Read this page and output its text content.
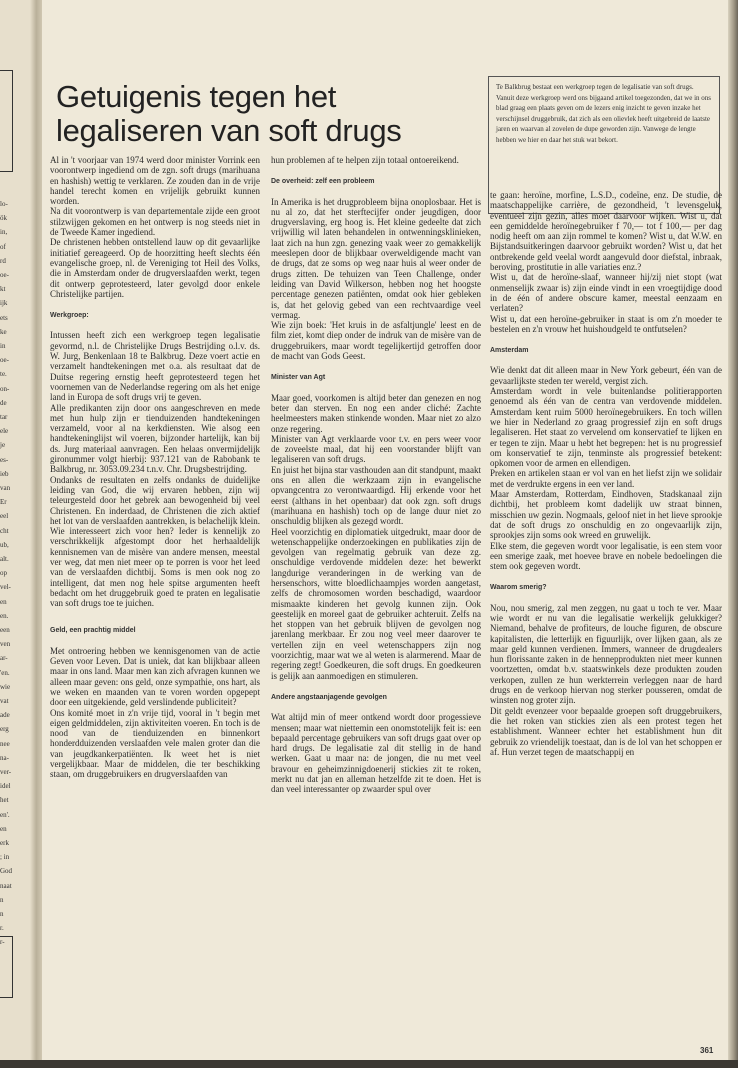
lo-
ök
in,
of
rd
oe-
kt
ijk
ets
ke
in
oe-
te.
on-
de
tar
ele
je
es-
ieb
van
Er
eel
cht
ub,
alt.
op
vel-
en
en.
een
ven
ar-
'en.
wie
vat
ade
erg
nee
na-
ver-
idel
het
en'.
en
erk
; in
God
naat
n
n
r.
r-
Getuigenis tegen het legaliseren van soft drugs

Te Balkbrug bestaat een werkgroep tegen de legalisatie van soft drugs. Vanuit deze werkgroep werd ons bijgaand artikel toegezonden, dat we in ons blad graag een plaats geven om de lezers enig inzicht te geven inzake het verschijnsel druggebruik, dat zich als een olievlek heeft uitgebreid de laatste jaren en waarvan al zovelen de dupe geworden zijn. Vanwege de lengte hebben we hier en daar het stuk wat bekort.

Al in 't voorjaar van 1974 werd door minister Vorrink een voorontwerp ingediend om de zgn. soft drugs (marihuana en hashish) wettig te verklaren. Ze zouden dan in de vrije handel terecht komen en vrijelijk gebruikt kunnen worden.

Na dit voorontwerp is van departementale zijde een groot stilzwijgen gekomen en het ontwerp is nog steeds niet in de Tweede Kamer ingediend.

De christenen hebben ontstellend lauw op dit gevaarlijke initiatief gereageerd. Op de hoorzitting heeft slechts één evangelische groep, nl. de Vereniging tot Heil des Volks, die in Amsterdam onder de drugverslaafden werkt, tegen dit ontwerp geprotesteerd, later gevolgd door enkele Christelijke partijen.

Werkgroep:

Intussen heeft zich een werkgroep tegen legalisatie gevormd, n.l. de Christelijke Drugs Bestrijding o.l.v. ds. W. Jurg, Benkenlaan 18 te Balkbrug. Deze voert actie en verzamelt handtekeningen met o.a. als resultaat dat de Duitse regering ernstig heeft geprotesteerd tegen het voornemen van de Nederlandse regering om als het enige land in Europa de soft drugs vrij te geven.

Alle predikanten zijn door ons aangeschreven en mede met hun hulp zijn er tienduizenden handtekeningen verzameld, voor al na kerkdiensten. Wie alsog een handtekeninglijst wil voeren, bijzonder hartelijk, kan bij ds. Jurg materiaal aanvragen. Een helaas onvermijdelijk gironummer volgt hierbij: 937.121 van de Rabobank te Balkbrug, nr. 3053.09.234 t.n.v. Chr. Drugsbestrijding.

Ondanks de resultaten en zelfs ondanks de duidelijke leiding van God, die wij ervaren hebben, zijn wij teleurgesteld door het gebrek aan bewogenheid bij veel Christenen. En inderdaad, de Christenen die zich aktief het lot van de verslaafden aantrekken, is belachelijk klein. Wie interesseert zich voor hen? Ieder is kennelijk zo verschrikkelijk afgestompt door het herhaaldelijk kennisnemen van de misère van andere mensen, meestal ver weg, dat men niet meer op te porren is voor het leed van de verslaafden dichtbij. Soms is men ook nog zo intelligent, dat men nog hele spitse argumenten heeft bedacht om het druggebruik goed te praten en legalisatie van soft drugs toe te juichen.

Geld, een prachtig middel

Met ontroering hebben we kennisgenomen van de actie Geven voor Leven. Dat is uniek, dat kan blijkbaar alleen maar in ons land. Maar men kan zich afvragen kunnen we alleen maar geven: ons geld, onze sympathie, ons hart, als we weken en maanden van te voren worden opgepept door een uitgekiende, geld verslindende publiciteit?

Ons komité moet in z'n vrije tijd, vooral in 't begin met eigen geldmiddelen, zijn aktiviteiten voeren. En toch is de nood van de tienduizenden en binnenkort honderdduizenden verslaafden vele malen groter dan die van jeugdkankerpatiënten. Ik weet het is niet vergelijkbaar. Maar de middelen, die ter beschikking staan, om druggebruikers en drugverslaafden van

hun problemen af te helpen zijn totaal ontoereikend.

De overheid: zelf een probleem

In Amerika is het drugprobleem bijna onoplosbaar. Het is nu al zo, dat het sterftecijfer onder jeugdigen, door drugverslaving, erg hoog is. Het kleine gedeelte dat zich vrijwillig wil laten behandelen in ontwenningsklinieken, laat zich na hun zgn. genezing vaak weer zo gemakkelijk meeslepen door de blijkbaar overweldigende macht van de drugs, dat ze soms op weg naar huis al weer onder de drugs zitten. De tehuizen van Teen Challenge, onder leiding van David Wilkerson, hebben nog het hoogste percentage genezen patiënten, omdat ook hier gebleken is, dat het gelovig gebed van een rechtvaardige veel vermag.

Wie zijn boek: 'Het kruis in de asfaltjungle' leest en de film ziet, komt diep onder de indruk van de misère van de druggebruikers, maar wordt tegelijkertijd getroffen door de macht van Gods Geest.

Minister van Agt

Maar goed, voorkomen is altijd beter dan genezen en nog beter dan sterven. En nog een ander cliché: Zachte heelmeesters maken stinkende wonden. Maar niet zo alzo onze regering.

Minister van Agt verklaarde voor t.v. en pers weer voor de zoveelste maal, dat hij een voorstander blijft van legaliseren van soft drugs.

En juist het bijna star vasthouden aan dit standpunt, maakt ons en allen die werkzaam zijn in evangelische opvangcentra zo verontwaardigd. Hij erkende voor het eerst (althans in het openbaar) dat ook zgn. soft drugs (marihuana en hashish) toch op de lange duur niet zo onschuldig blijken als gezegd wordt.

Heel voorzichtig en diplomatiek uitgedrukt, maar door de wetenschappelijke onderzoekingen en publikaties zijn de gevolgen van regelmatig gebruik van deze zg. onschuldige verdovende middelen deze: het bewerkt langdurige veranderingen in de werking van de hersenschors, witte bloedlichaampjes worden aangetast, zelfs de chromosomen worden beschadigd, waardoor mismaakte kinderen het gevolg kunnen zijn. Ook geestelijk en moreel gaat de gebruiker achteruit. Zelfs na het stoppen van het gebruik blijven de gevolgen nog jarenlang merkbaar. Er zou nog veel meer daarover te vertellen zijn en veel wetenschappers zijn nog voorzichtig, maar wat we al weten is alarmerend. Maar de regering zegt! Goedkeuren, die soft drugs. En goedkeuren is gelijk aan aanmoedigen en stimuleren.

Andere angstaanjagende gevolgen

Wat altijd min of meer ontkend wordt door progessieve mensen; maar wat niettemin een onomstotelijk feit is: een bepaald percentage gebruikers van soft drugs gaat over op hard drugs. De legalisatie zal dit stellig in de hand werken. Gaat u maar na: de jongen, die nu met veel bravour en geheimzinnigdoenerij stickies zit te roken, merkt nu dat jan en alleman hetzelfde zit te doen. Het is dan veel interessanter op zwaarder spul over

te gaan: heroïne, morfine, L.S.D., codeïne, enz. De studie, de maatschappelijke carrière, de gezondheid, 't levensgeluk, eventueel zijn gezin, alles moet daarvoor wijken. Wist u, dat een gemiddelde heroïnegebruiker f 70,— tot f 100,— per dag nodig heeft om aan zijn rommel te komen? Wist u, dat W.W. en Bijstandsuitkeringen daarvoor gebruikt worden? Wist u, dat het ontbrekende geld veelal wordt aangevuld door diefstal, inbraak, beroving, prostitutie in alle variaties enz.?

Wist u, dat de heroïne-slaaf, wanneer hij/zij niet stopt (wat onmenselijk zwaar is) zijn einde vindt in een vroegtijdige dood in de één of andere obscure kamer, meestal eenzaam en verlaten?

Wist u, dat een heroïne-gebruiker in staat is om z'n moeder te bestelen en z'n vrouw het huishoudgeld te ontfutselen?

Amsterdam

Wie denkt dat dit alleen maar in New York gebeurt, één van de gevaarlijkste steden ter wereld, vergist zich.

Amsterdam wordt in vele buitenlandse politierapporten genoemd als één van de centra van verdovende middelen. Amsterdam kent ruim 5000 heroïnegebruikers. En toch willen we hier in Nederland zo graag progressief zijn en soft drugs legaliseren. Het staat zo vervelend om konservatief te lijken en er tegen te zijn. Maar u hebt het begrepen: het is nu progressief om konservatief te zijn, tenminste als progressief betekent: opkomen voor de armen en ellendigen.

Preken en artikelen staan er vol van en het liefst zijn we solidair met de verdrukte ergens in een ver land.

Maar Amsterdam, Rotterdam, Eindhoven, Stadskanaal zijn dichtbij, het probleem komt dadelijk uw straat binnen, misschien uw gezin. Nogmaals, geloof niet in het lieve sprookje dat de soft drugs zo onschuldig en zo ongevaarlijk zijn, sprookjes zijn soms ook wreed en gruwelijk.

Elke stem, die gegeven wordt voor legalisatie, is een stem voor een smerige zaak, met hoevee brave en nobele bedoelingen die stem ook gegeven wordt.

Waarom smerig?

Nou, nou smerig, zal men zeggen, nu gaat u toch te ver. Maar wie wordt er nu van die legalisatie werkelijk gelukkiger? Niemand, behalve de profiteurs, de louche figuren, de obscure kapitalisten, die letterlijk en figuurlijk, over lijken gaan, als ze maar geld kunnen verdienen. Immers, wanneer de drugdealers hun florissante zaken in de hennepprodukten niet meer kunnen voortzetten, omdat b.v. staatswinkels deze produkten zouden verkopen, zullen ze hun werkterrein verleggen naar de hard drugs en de verkoop hiervan nog sterker pousseren, omdat de winsten nog groter zijn.

Dit geldt evenzeer voor bepaalde groepen soft druggebruikers, die het roken van stickies zien als een protest tegen het establishment. Wanneer echter het establishment hun dit gebruik zo vriendelijk toestaat, dan is de lol van het schoppen er af. Hun verzet tegen de maatschappij en

361
